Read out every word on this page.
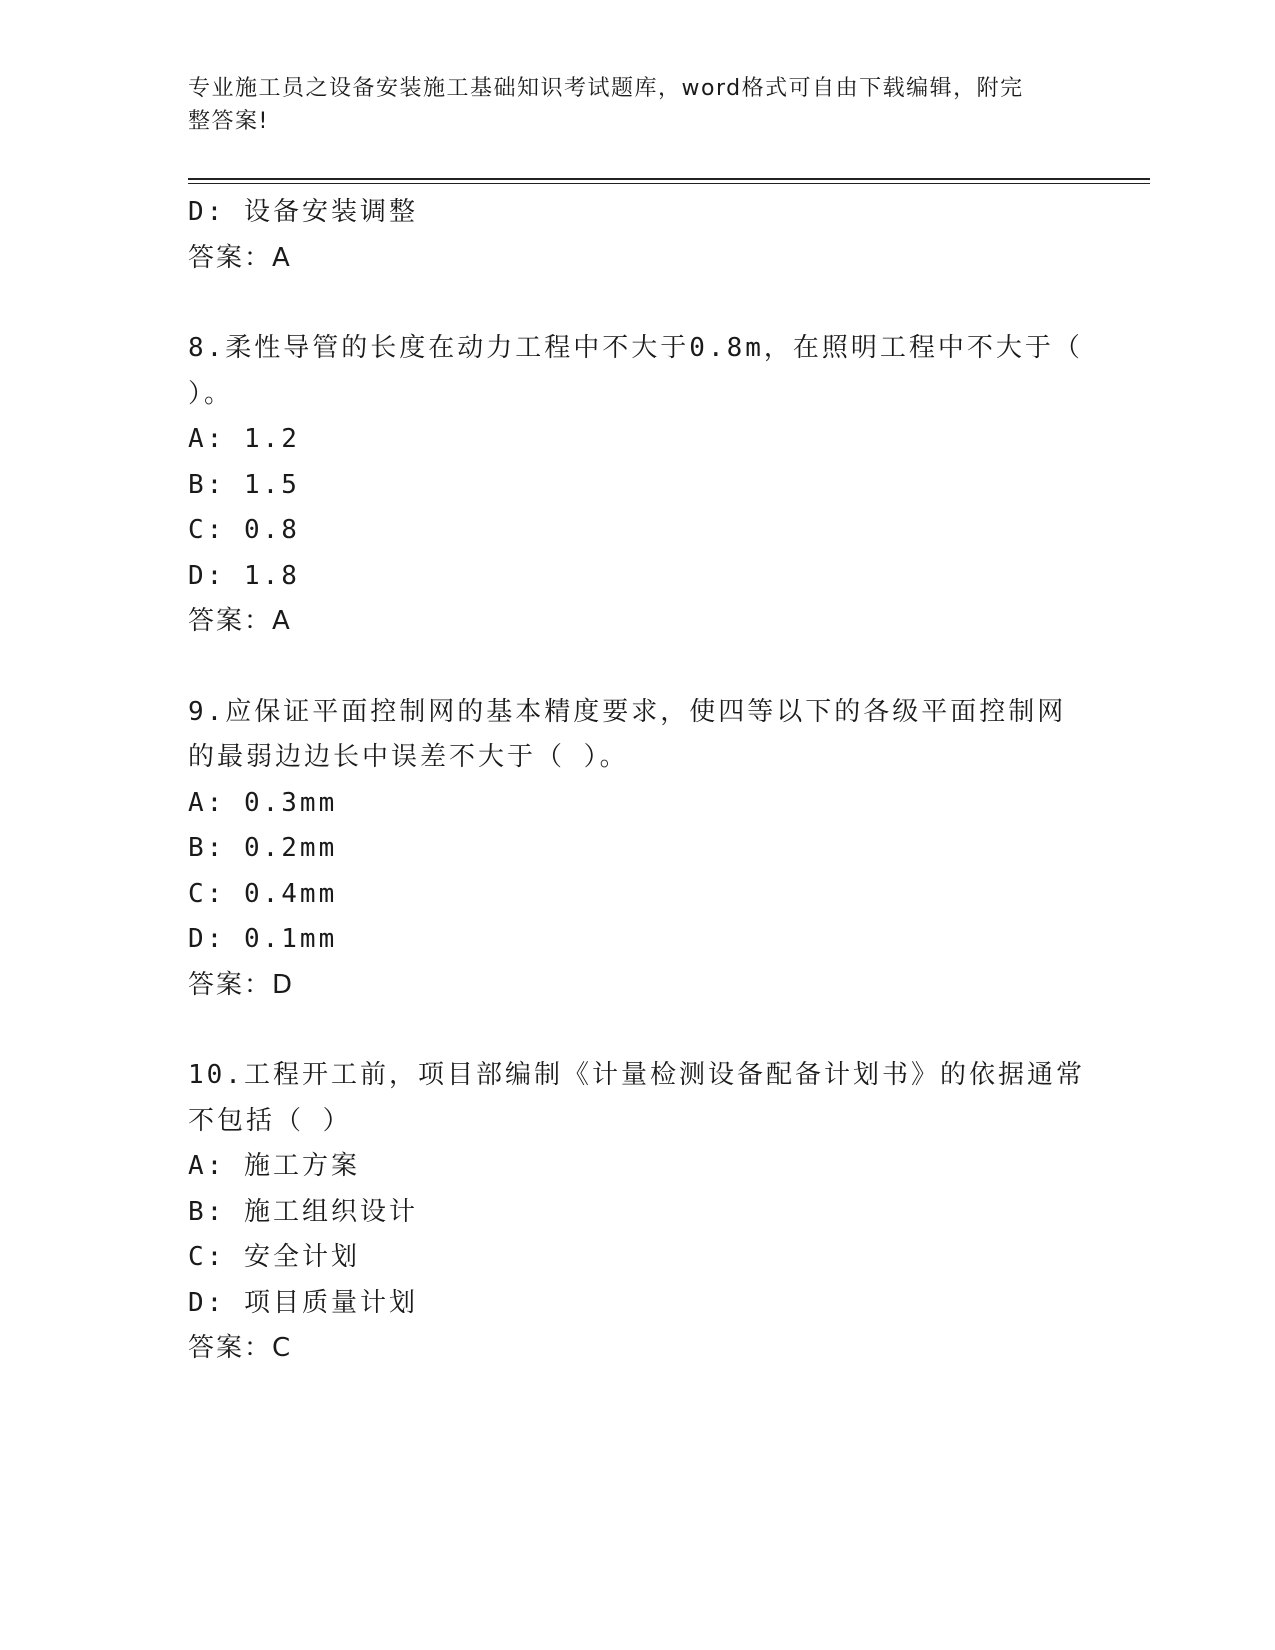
专业施工员之设备安装施工基础知识考试题库，word格式可自由下载编辑，附完
整答案!
D: 设备安装调整
答案：A
8.柔性导管的长度在动力工程中不大于0.8m，在照明工程中不大于（
）。
A: 1.2
B: 1.5
C: 0.8
D: 1.8
答案：A
9.应保证平面控制网的基本精度要求，使四等以下的各级平面控制网
的最弱边边长中误差不大于（ ）。
A: 0.3mm
B: 0.2mm
C: 0.4mm
D: 0.1mm
答案：D
10.工程开工前，项目部编制《计量检测设备配备计划书》的依据通常
不包括（ ）
A: 施工方案
B: 施工组织设计
C: 安全计划
D: 项目质量计划
答案：C
